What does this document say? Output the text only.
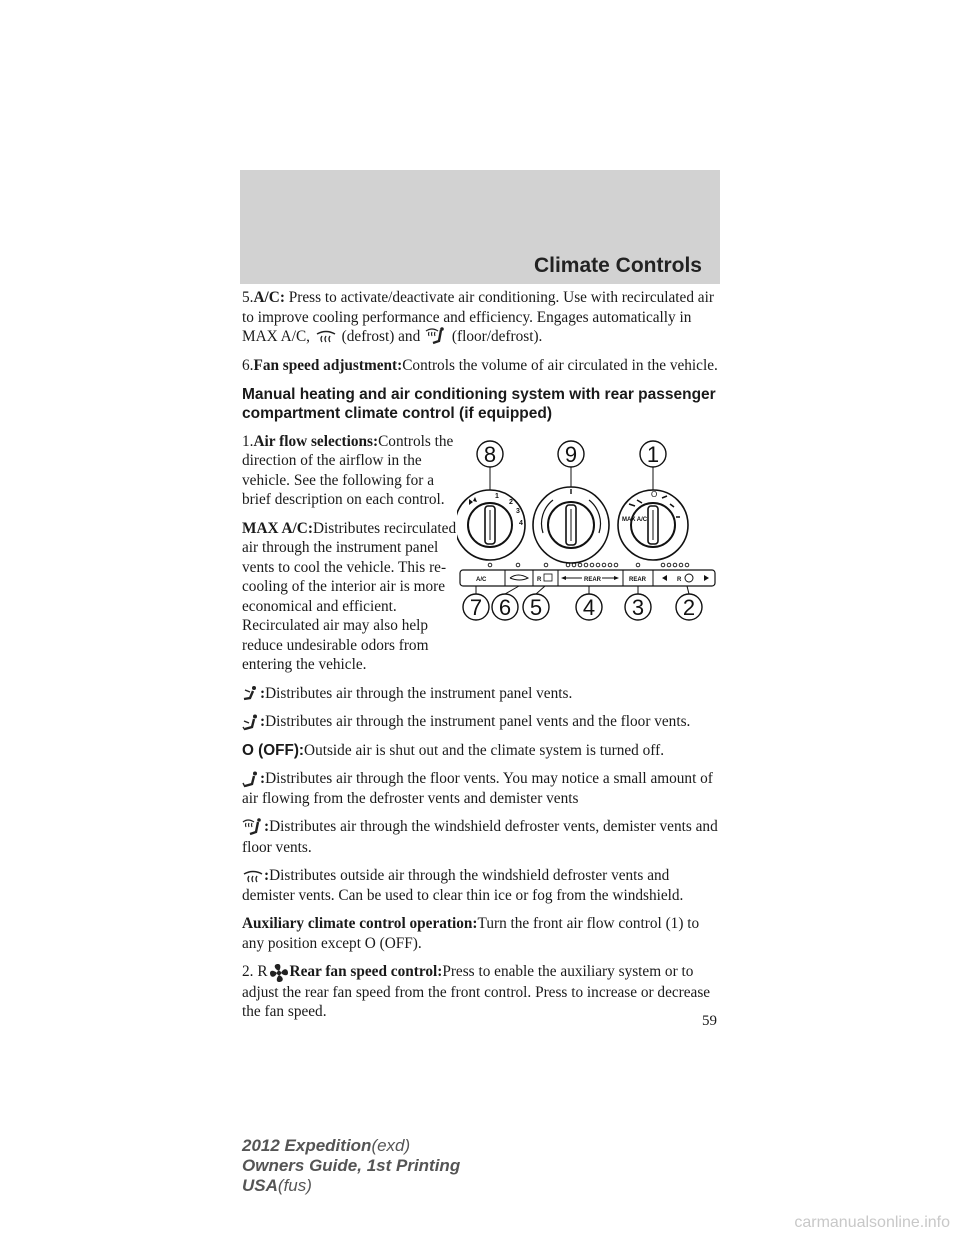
Climate Controls

5.A/C: Press to activate/deactivate air conditioning. Use with recirculated air to improve cooling performance and efficiency. Engages automatically in MAX A/C, (defrost) and (floor/defrost).

6.Fan speed adjustment:Controls the volume of air circulated in the vehicle.

Manual heating and air conditioning system with rear passenger compartment climate control (if equipped)

1.Air flow selections:Controls the direction of the airflow in the vehicle. See the following for a brief description on each control.

MAX A/C:Distributes recirculated air through the instrument panel vents to cool the vehicle. This re-cooling of the interior air is more economical and efficient. Recirculated air may also help reduce undesirable odors from entering the vehicle.

8	9	1
1
2
3
4	MAX A/C
O
A/C	R	REAR	REAR	R
7 6 5 4 3 2

:Distributes air through the instrument panel vents.

:Distributes air through the instrument panel vents and the floor vents.

O (OFF):Outside air is shut out and the climate system is turned off.

:Distributes air through the floor vents. You may notice a small amount of air flowing from the defroster vents and demister vents

:Distributes air through the windshield defroster vents, demister vents and floor vents.

:Distributes outside air through the windshield defroster vents and demister vents. Can be used to clear thin ice or fog from the windshield.

Auxiliary climate control operation:Turn the front air flow control (1) to any position except O (OFF).

2. R Rear fan speed control:Press to enable the auxiliary system or to adjust the rear fan speed from the front control. Press to increase or decrease the fan speed.

59
2012 Expedition(exd)
Owners Guide, 1st Printing
USA(fus)
carmanualsonline.info
